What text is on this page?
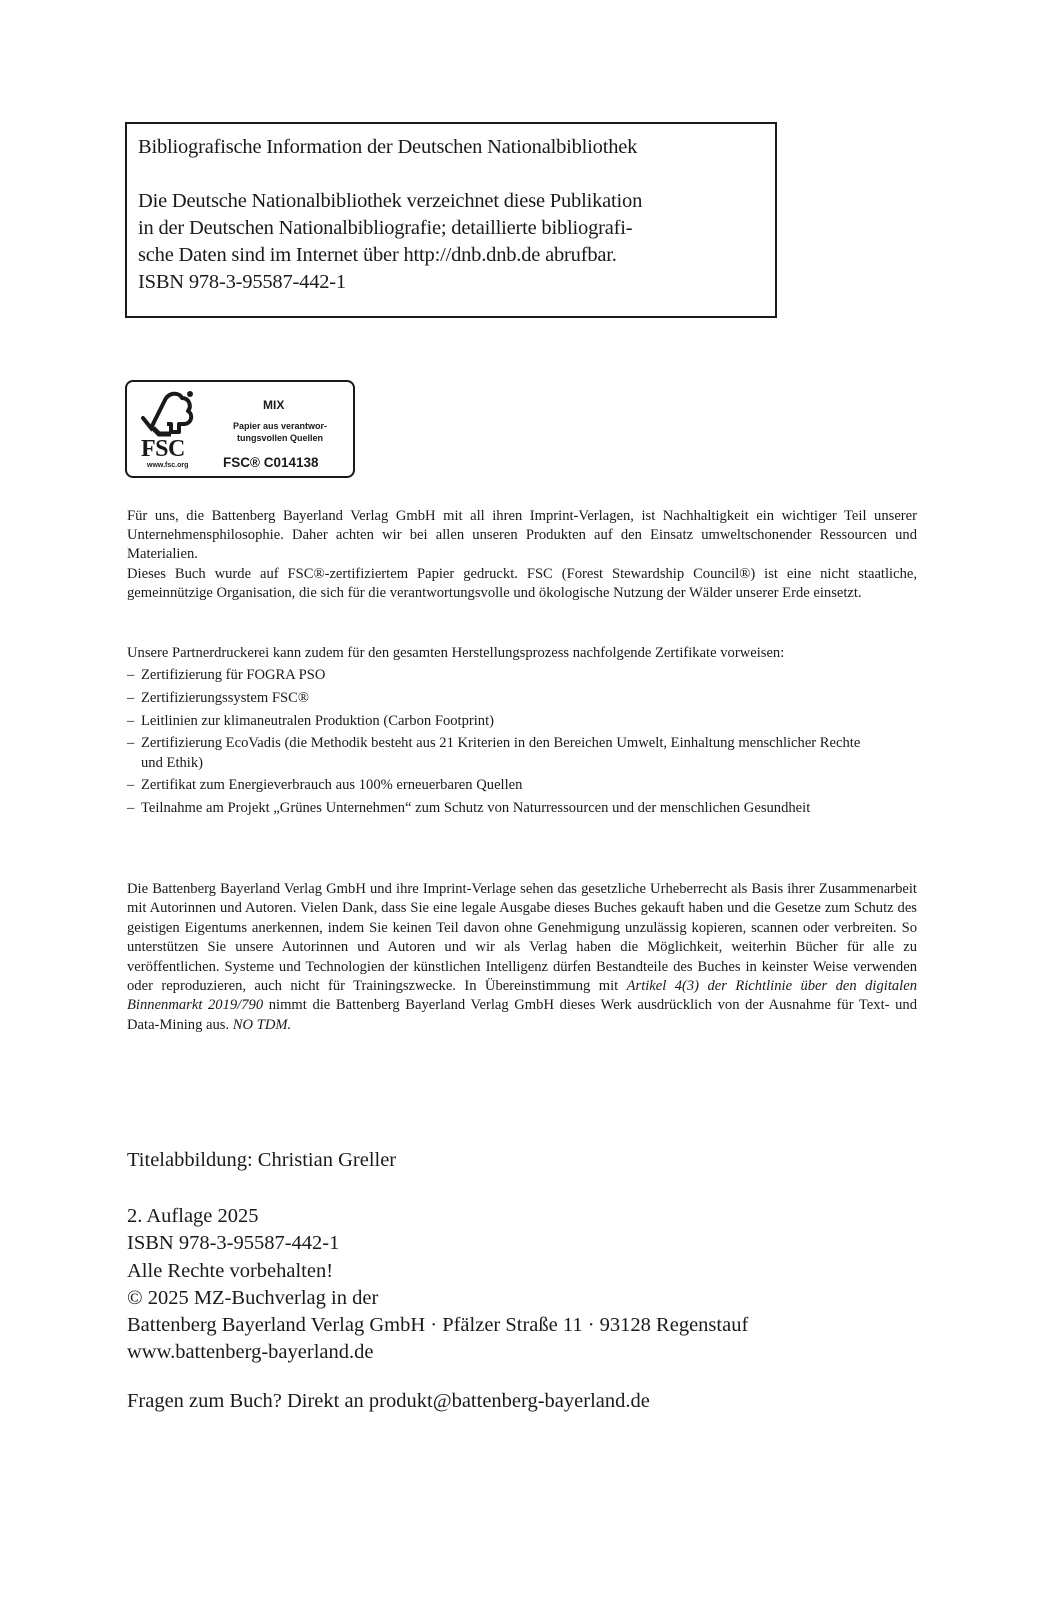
Bibliografische Information der Deutschen Nationalbibliothek

Die Deutsche Nationalbibliothek verzeichnet diese Publikation

in der Deutschen Nationalbibliografie; detaillierte bibliografi-

sche Daten sind im Internet über http://dnb.dnb.de abrufbar.

ISBN 978-3-95587-442-1

FSC
www.fsc.org
MIX
Papier aus verantwor-
tungsvollen Quellen
FSC® C014138

Für uns, die Battenberg Bayerland Verlag GmbH mit all ihren Imprint-Verlagen, ist Nachhaltigkeit ein wichtiger Teil unserer Unternehmensphilosophie. Daher achten wir bei allen unseren Produkten auf den Einsatz umweltschonender Ressourcen und Materialien.

Dieses Buch wurde auf FSC®-zertifiziertem Papier gedruckt. FSC (Forest Stewardship Council®) ist eine nicht staatliche, gemeinnützige Organisation, die sich für die verantwortungsvolle und ökologische Nutzung der Wälder unserer Erde einsetzt.

Unsere Partnerdruckerei kann zudem für den gesamten Herstellungsprozess nachfolgende Zertifikate vorweisen:

– Zertifizierung für FOGRA PSO
– Zertifizierungssystem FSC®
– Leitlinien zur klimaneutralen Produktion (Carbon Footprint)
– Zertifizierung EcoVadis (die Methodik besteht aus 21 Kriterien in den Bereichen Umwelt, Einhaltung menschlicher Rechte und Ethik)
– Zertifikat zum Energieverbrauch aus 100% erneuerbaren Quellen
– Teilnahme am Projekt „Grünes Unternehmen“ zum Schutz von Naturressourcen und der menschlichen Gesundheit

Die Battenberg Bayerland Verlag GmbH und ihre Imprint-Verlage sehen das gesetzliche Urheberrecht als Basis ihrer Zusammenarbeit mit Autorinnen und Autoren. Vielen Dank, dass Sie eine legale Ausgabe dieses Buches gekauft haben und die Gesetze zum Schutz des geistigen Eigentums anerkennen, indem Sie keinen Teil davon ohne Genehmigung unzulässig kopieren, scannen oder verbreiten. So unterstützen Sie unsere Autorinnen und Autoren und wir als Verlag haben die Möglichkeit, weiterhin Bücher für alle zu veröffentlichen. Systeme und Technologien der künstlichen Intelligenz dürfen Bestandteile des Buches in keinster Weise verwenden oder reproduzieren, auch nicht für Trainingszwecke. In Übereinstimmung mit Artikel 4(3) der Richtlinie über den digitalen Binnenmarkt 2019/790 nimmt die Battenberg Bayerland Verlag GmbH dieses Werk ausdrücklich von der Ausnahme für Text- und Data-Mining aus. NO TDM.

Titelabbildung: Christian Greller

2. Auflage 2025

ISBN 978-3-95587-442-1

Alle Rechte vorbehalten!

© 2025 MZ-Buchverlag in der

Battenberg Bayerland Verlag GmbH · Pfälzer Straße 11 · 93128 Regenstauf

www.battenberg-bayerland.de

Fragen zum Buch? Direkt an produkt@battenberg-bayerland.de
